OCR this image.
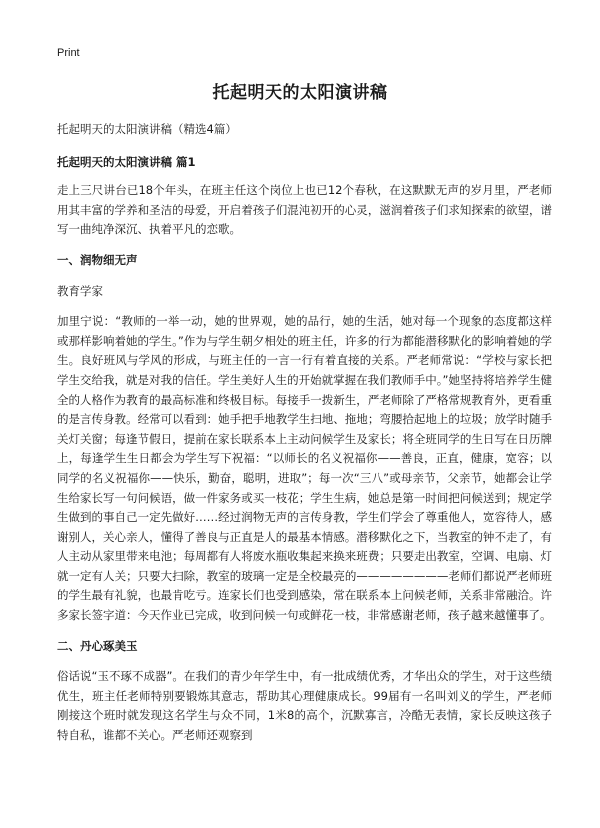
Print
托起明天的太阳演讲稿

托起明天的太阳演讲稿（精选4篇）

托起明天的太阳演讲稿 篇1

走上三尺讲台已18个年头，在班主任这个岗位上也已12个春秋，在这默默无声的岁月里，严老师用其丰富的学养和圣洁的母爱，开启着孩子们混沌初开的心灵，滋润着孩子们求知探索的欲望，谱写一曲纯净深沉、执着平凡的恋歌。

一、润物细无声

教育学家

加里宁说：“教师的一举一动，她的世界观，她的品行，她的生活，她对每一个现象的态度都这样或那样影响着她的学生。”作为与学生朝夕相处的班主任，许多的行为都能潜移默化的影响着她的学生。良好班风与学风的形成，与班主任的一言一行有着直接的关系。严老师常说：“学校与家长把学生交给我，就是对我的信任。学生美好人生的开始就掌握在我们教师手中。”她坚持将培养学生健全的人格作为教育的最高标准和终极目标。每接手一拨新生，严老师除了严格常规教育外，更看重的是言传身教。经常可以看到：她手把手地教学生扫地、拖地；弯腰拾起地上的垃圾；放学时随手关灯关窗；每逢节假日，提前在家长联系本上主动问候学生及家长；将全班同学的生日写在日历牌上，每逢学生生日都会为学生写下祝福：“以师长的名义祝福你——善良，正直，健康，宽容；以同学的名义祝福你——快乐，勤奋，聪明，进取”；每一次“三八”或母亲节，父亲节，她都会让学生给家长写一句问候语，做一件家务或买一枝花；学生生病，她总是第一时间把问候送到；规定学生做到的事自己一定先做好……经过润物无声的言传身教，学生们学会了尊重他人，宽容待人，感谢别人，关心亲人，懂得了善良与正直是人的最基本情感。潜移默化之下，当教室的钟不走了，有人主动从家里带来电池；每周都有人将废水瓶收集起来换来班费；只要走出教室，空调、电扇、灯就一定有人关；只要大扫除，教室的玻璃一定是全校最亮的————————老师们都说严老师班的学生最有礼貌，也最肯吃亏。连家长们也受到感染，常在联系本上问候老师，关系非常融洽。许多家长签字道：今天作业已完成，收到问候一句或鲜花一枝，非常感谢老师，孩子越来越懂事了。

二、丹心琢美玉

俗话说“玉不琢不成器”。在我们的青少年学生中，有一批成绩优秀，才华出众的学生，对于这些绩优生，班主任老师特别要锻炼其意志，帮助其心理健康成长。99届有一名叫刘义的学生，严老师刚接这个班时就发现这名学生与众不同，1米8的高个，沉默寡言，冷酷无表情，家长反映这孩子特自私，谁都不关心。严老师还观察到
